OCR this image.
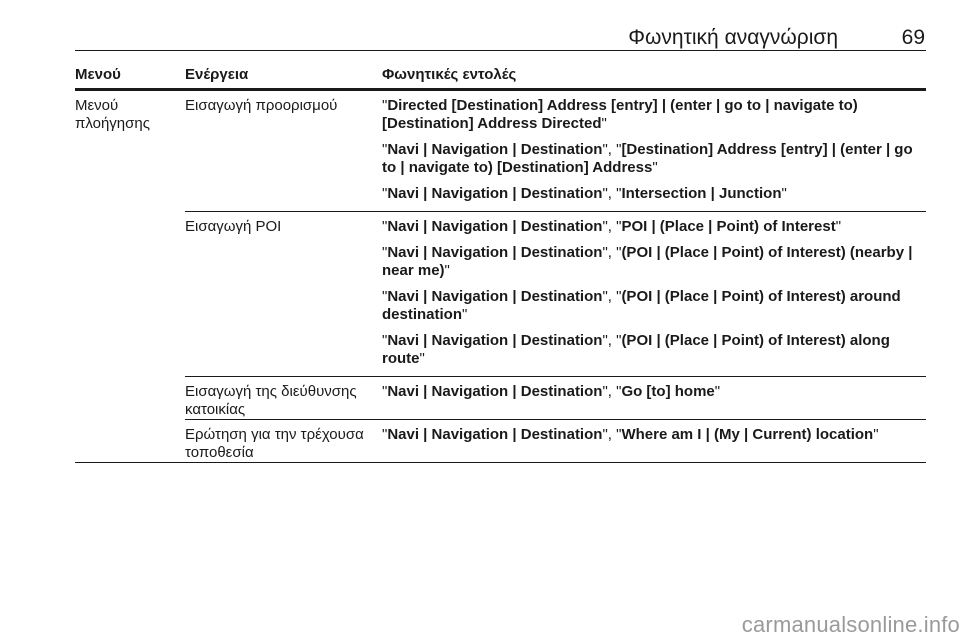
Φωνητική αναγνώριση	69
Μενού	Ενέργεια	Φωνητικές εντολές
Μενού πλοήγησης	Εισαγωγή προορισμού	"Directed [Destination] Address [entry] | (enter | go to | navigate to) [Destination] Address Directed"

"Navi | Navigation | Destination", "[Destination] Address [entry] | (enter | go to | navigate to) [Destination] Address"

"Navi | Navigation | Destination", "Intersection | Junction"

	Εισαγωγή POI	"Navi | Navigation | Destination", "POI | (Place | Point) of Interest"

"Navi | Navigation | Destination", "(POI | (Place | Point) of Interest) (nearby | near me)"

"Navi | Navigation | Destination", "(POI | (Place | Point) of Interest) around destination"

"Navi | Navigation | Destination", "(POI | (Place | Point) of Interest) along route"

	Εισαγωγή της διεύθυνσης κατοικίας	"Navi | Navigation | Destination", "Go [to] home"

	Ερώτηση για την τρέχουσα τοποθεσία	"Navi | Navigation | Destination", "Where am I | (My | Current) location"

carmanualsonline.info
